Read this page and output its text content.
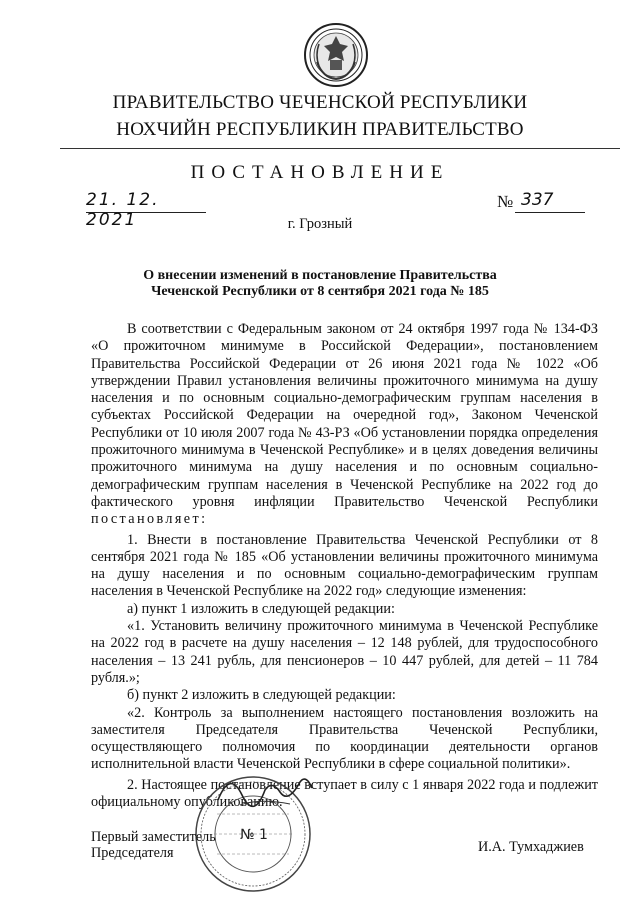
ПРАВИТЕЛЬСТВО ЧЕЧЕНСКОЙ РЕСПУБЛИКИ
НОХЧИЙН РЕСПУБЛИКИН ПРАВИТЕЛЬСТВО
ПОСТАНОВЛЕНИЕ
21. 12. 2021
№ 337
г. Грозный
О внесении изменений в постановление Правительства
Чеченской Республики от 8 сентября 2021 года № 185

В соответствии с Федеральным законом от 24 октября 1997 года № 134-ФЗ «О прожиточном минимуме в Российской Федерации», постановлением Правительства Российской Федерации от 26 июня 2021 года № 1022 «Об утверждении Правил установления величины прожиточного минимума на душу населения и по основным социально-демографическим группам населения в субъектах Российской Федерации на очередной год», Законом Чеченской Республики от 10 июля 2007 года № 43-РЗ «Об установлении порядка определения прожиточного минимума в Чеченской Республике» и в целях доведения величины прожиточного минимума на душу населения и по основным социально-демографическим группам населения в Чеченской Республике на 2022 год до фактического уровня инфляции Правительство Чеченской Республики постановляет:

1. Внести в постановление Правительства Чеченской Республики от 8 сентября 2021 года № 185 «Об установлении величины прожиточного минимума на душу населения и по основным социально-демографическим группам населения в Чеченской Республике на 2022 год» следующие изменения:

а) пункт 1 изложить в следующей редакции:

«1. Установить величину прожиточного минимума в Чеченской Республике на 2022 год в расчете на душу населения – 12 148 рублей, для трудоспособного населения – 13 241 рубль, для пенсионеров – 10 447 рублей, для детей – 11 784 рубля.»;

б) пункт 2 изложить в следующей редакции:

«2. Контроль за выполнением настоящего постановления возложить на заместителя Председателя Правительства Чеченской Республики, осуществляющего полномочия по координации деятельности органов исполнительной власти Чеченской Республики в сфере социальной политики».

2. Настоящее постановление вступает в силу с 1 января 2022 года и подлежит официальному опубликованию.

№ 1
Первый заместитель
Председателя	И.А. Тумхаджиев
